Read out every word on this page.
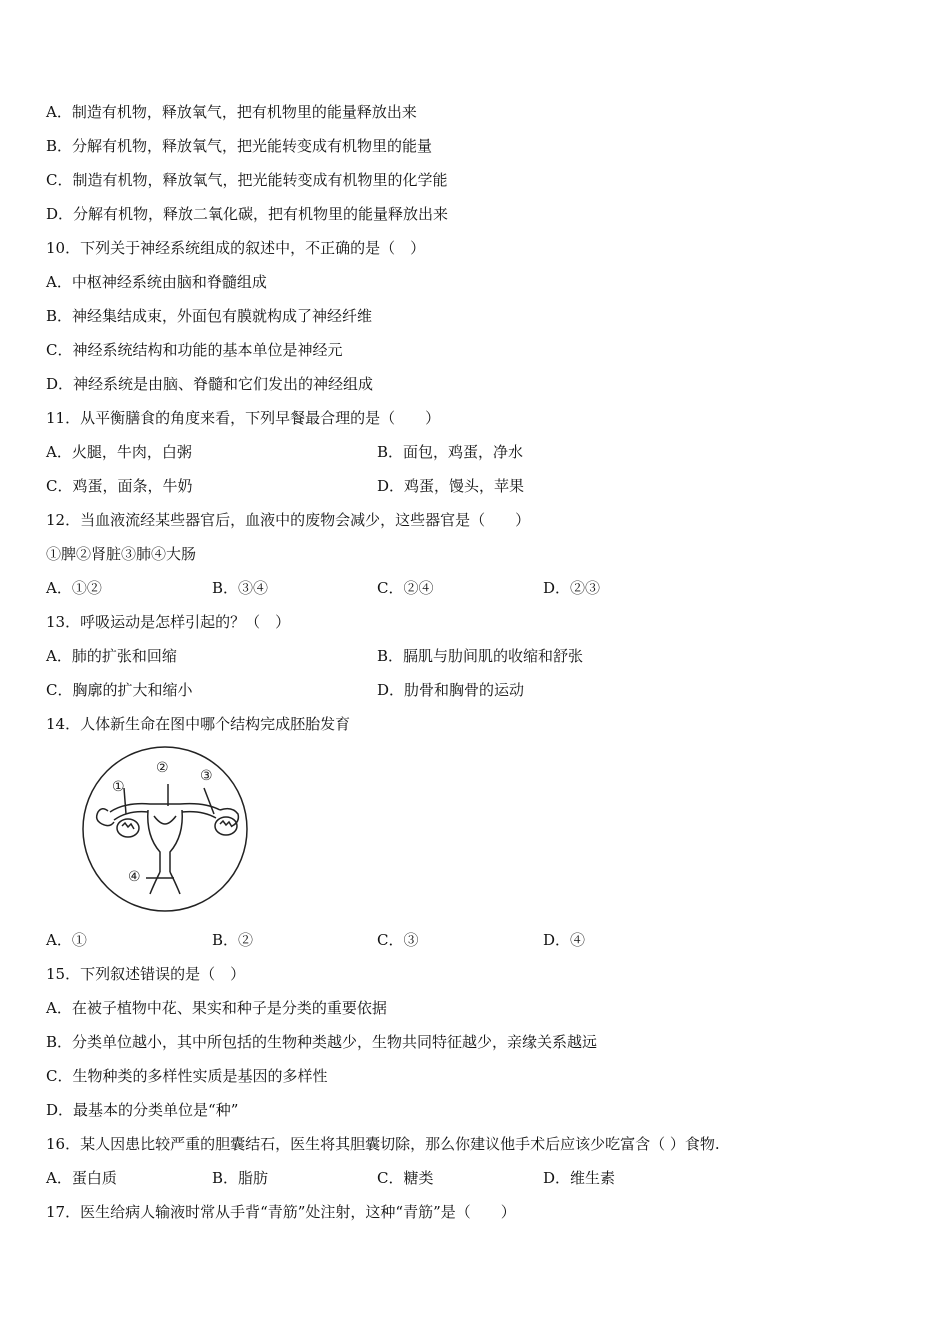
A．制造有机物，释放氧气，把有机物里的能量释放出来
B．分解有机物，释放氧气，把光能转变成有机物里的能量
C．制造有机物，释放氧气，把光能转变成有机物里的化学能
D．分解有机物，释放二氧化碳，把有机物里的能量释放出来
10．下列关于神经系统组成的叙述中，不正确的是（　）
A．中枢神经系统由脑和脊髓组成
B．神经集结成束，外面包有膜就构成了神经纤维
C．神经系统结构和功能的基本单位是神经元
D．神经系统是由脑、脊髓和它们发出的神经组成
11．从平衡膳食的角度来看，下列早餐最合理的是（　　）
A．火腿，牛肉，白粥	B．面包，鸡蛋，净水
C．鸡蛋，面条，牛奶	D．鸡蛋，馒头，苹果
12．当血液流经某些器官后，血液中的废物会减少，这些器官是（　　）
①脾②肾脏③肺④大肠
A．①②	B．③④	C．②④	D．②③
13．呼吸运动是怎样引起的？（　）
A．肺的扩张和回缩	B．膈肌与肋间肌的收缩和舒张
C．胸廓的扩大和缩小	D．肋骨和胸骨的运动
14．人体新生命在图中哪个结构完成胚胎发育
①
② ③
④
A．①	B．②	C．③	D．④
15．下列叙述错误的是（　）
A．在被子植物中花、果实和种子是分类的重要依据
B．分类单位越小，其中所包括的生物种类越少，生物共同特征越少，亲缘关系越远
C．生物种类的多样性实质是基因的多样性
D．最基本的分类单位是“种”
16．某人因患比较严重的胆囊结石，医生将其胆囊切除，那么你建议他手术后应该少吃富含（ ）食物.
A．蛋白质	B．脂肪	C．糖类	D．维生素
17．医生给病人输液时常从手背“青筋”处注射，这种“青筋”是（　　）
